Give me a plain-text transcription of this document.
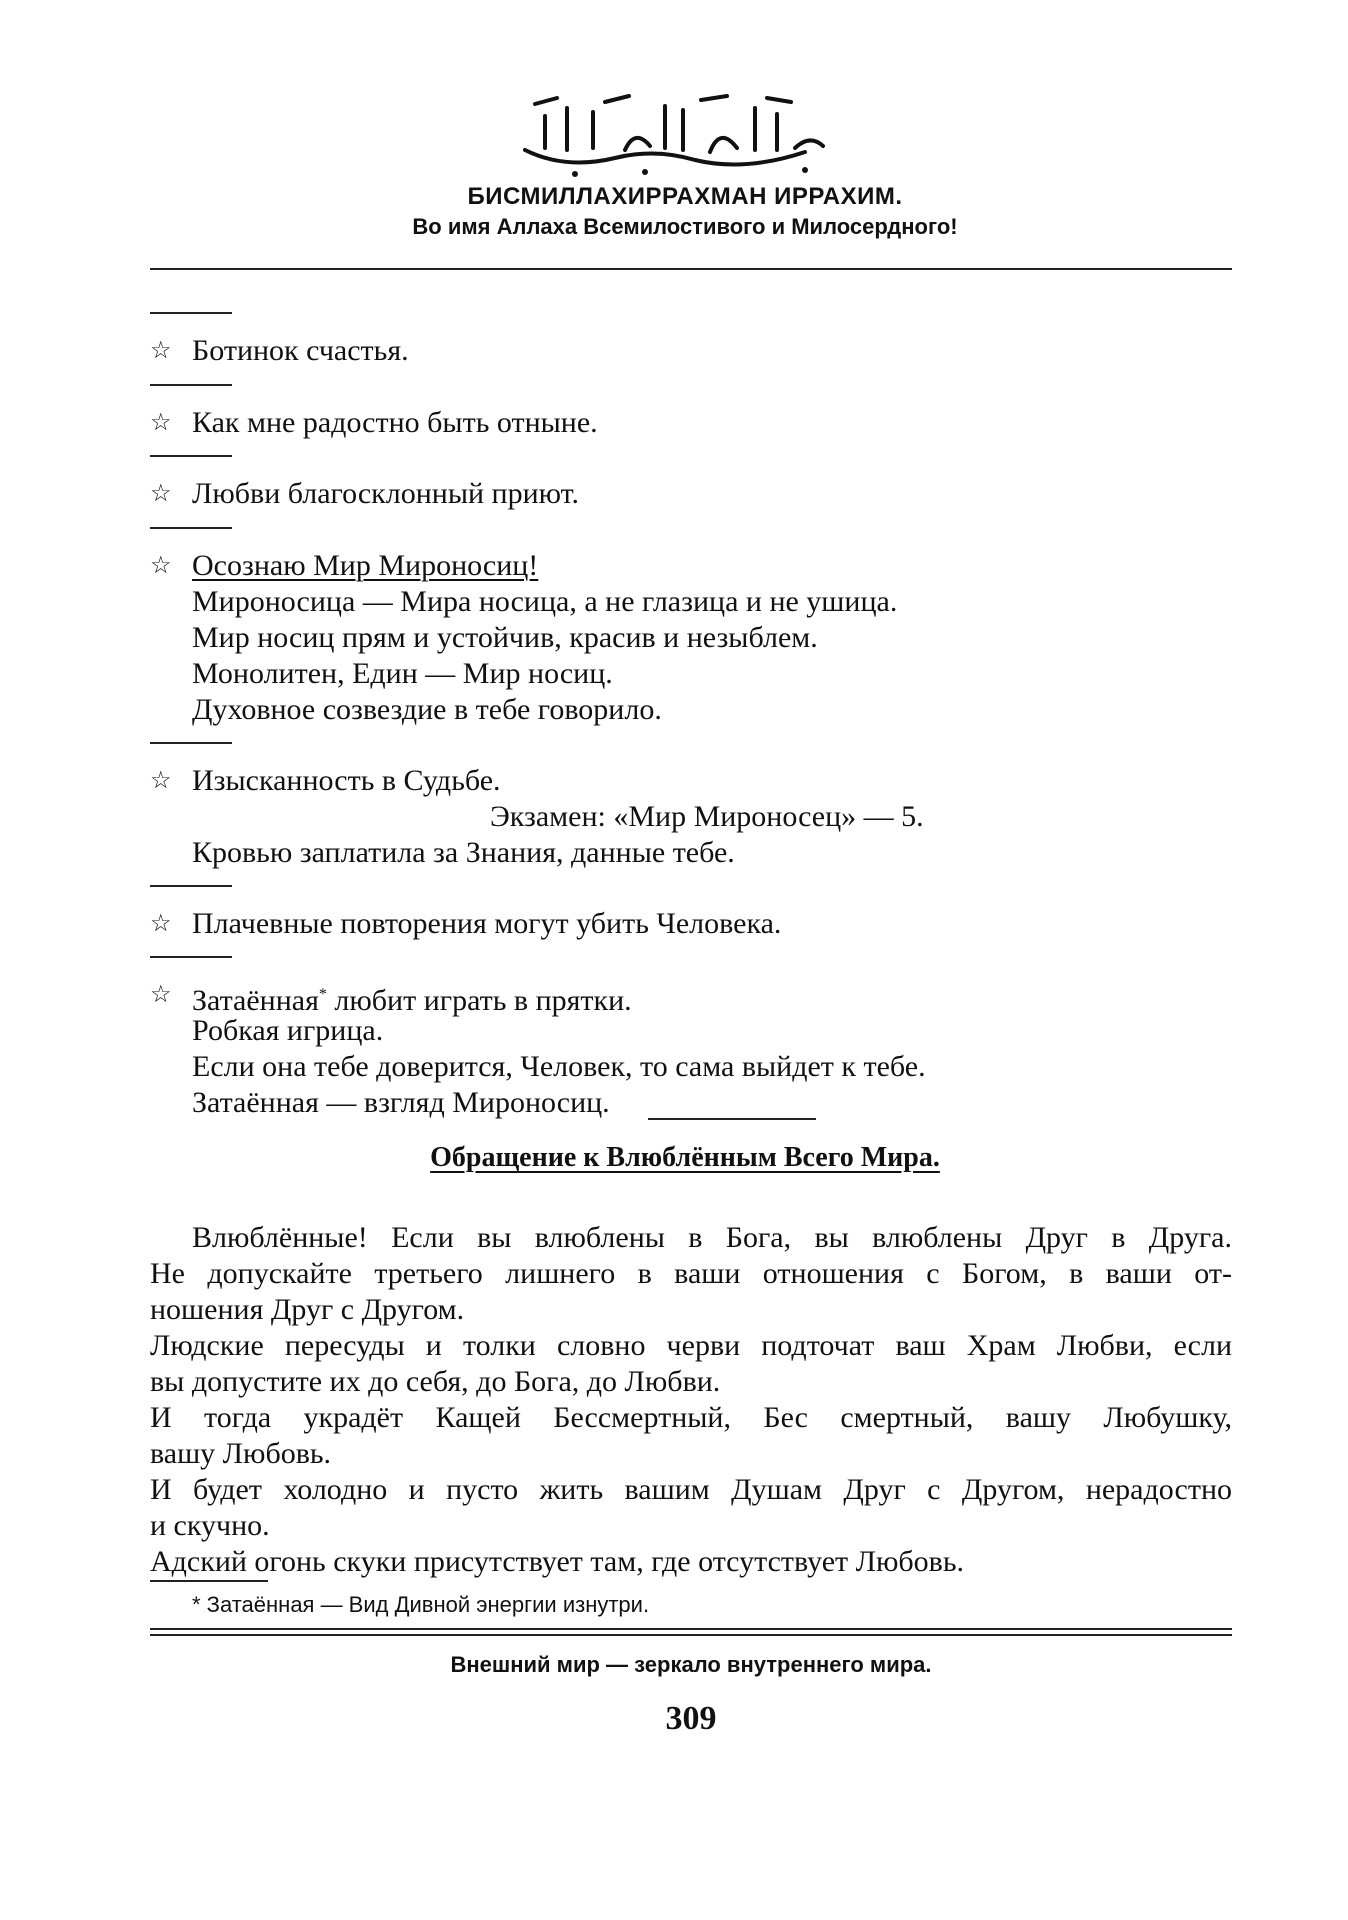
БИСМИЛЛАХИРРАХМАН ИРРАХИМ.
Во имя Аллаха Всемилостивого и Милосердного!
☆ Ботинок счастья.
☆ Как мне радостно быть отныне.
☆ Любви благосклонный приют.
☆ Осознаю Мир Мироносиц!
Мироносица — Мира носица, а не глазица и не ушица.
Мир носиц прям и устойчив, красив и незыблем.
Монолитен, Един — Мир носиц.
Духовное созвездие в тебе говорило.
☆ Изысканность в Судьбе.
Экзамен: «Мир Мироносец» — 5.
Кровью заплатила за Знания, данные тебе.
☆ Плачевные повторения могут убить Человека.
☆ Затаённая* любит играть в прятки.
Робкая игрица.
Если она тебе доверится, Человек, то сама выйдет к тебе.
Затаённая — взгляд Мироносиц.
Обращение к Влюблённым Всего Мира.
Влюблённые! Если вы влюблены в Бога, вы влюблены Друг в Друга.
Не допускайте третьего лишнего в ваши отношения с Богом, в ваши от-
ношения Друг с Другом.
Людские пересуды и толки словно черви подточат ваш Храм Любви, если
вы допустите их до себя, до Бога, до Любви.
И тогда украдёт Кащей Бессмертный, Бес смертный, вашу Любушку,
вашу Любовь.
И будет холодно и пусто жить вашим Душам Друг с Другом, нерадостно
и скучно.
Адский огонь скуки присутствует там, где отсутствует Любовь.
* Затаённая — Вид Дивной энергии изнутри.
Внешний мир — зеркало внутреннего мира.
309
